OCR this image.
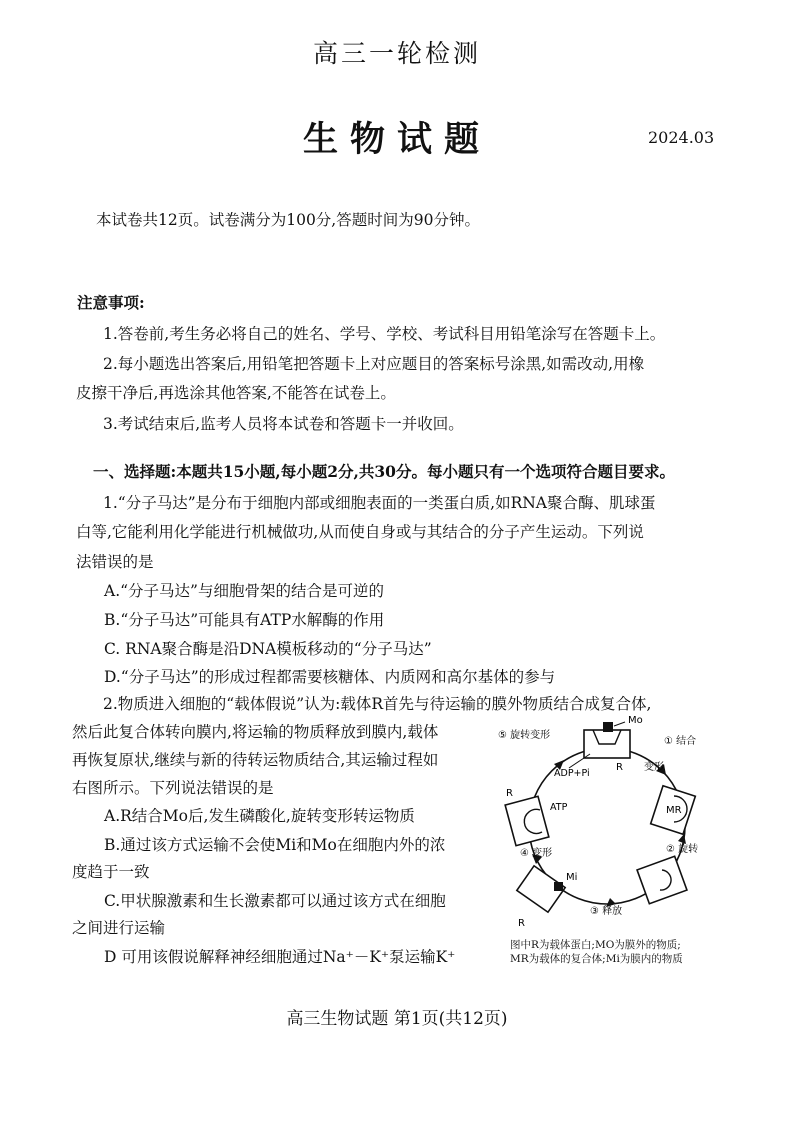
高三一轮检测
生物试题	2024.03
本试卷共12页。试卷满分为100分,答题时间为90分钟。
注意事项:
1.答卷前,考生务必将自己的姓名、学号、学校、考试科目用铅笔涂写在答题卡上。
2.每小题选出答案后,用铅笔把答题卡上对应题目的答案标号涂黑,如需改动,用橡
皮擦干净后,再选涂其他答案,不能答在试卷上。
3.考试结束后,监考人员将本试卷和答题卡一并收回。
一、选择题:本题共15小题,每小题2分,共30分。每小题只有一个选项符合题目要求。
1.“分子马达”是分布于细胞内部或细胞表面的一类蛋白质,如RNA聚合酶、肌球蛋
白等,它能利用化学能进行机械做功,从而使自身或与其结合的分子产生运动。下列说
法错误的是
A.“分子马达”与细胞骨架的结合是可逆的
B.“分子马达”可能具有ATP水解酶的作用
C. RNA聚合酶是沿DNA模板移动的“分子马达”
D.“分子马达”的形成过程都需要核糖体、内质网和高尔基体的参与
2.物质进入细胞的“载体假说”认为:载体R首先与待运输的膜外物质结合成复合体,
然后此复合体转向膜内,将运输的物质释放到膜内,载体
再恢复原状,继续与新的待转运物质结合,其运输过程如
右图所示。下列说法错误的是
A.R结合Mo后,发生磷酸化,旋转变形转运物质
B.通过该方式运输不会使Mi和Mo在细胞内外的浓
度趋于一致
C.甲状腺激素和生长激素都可以通过该方式在细胞
之间进行运输
D 可用该假说解释神经细胞通过Na⁺－K⁺泵运输K⁺
Mo
R
⑤ 旋转变形
① 结合
变形
ADP+Pi
ATP	MR
② 旋转
③ 释放
Mi
R
④ 变形
R
图中R为载体蛋白;MO为膜外的物质;
MR为载体的复合体;Mi为膜内的物质
高三生物试题 第1页(共12页)
